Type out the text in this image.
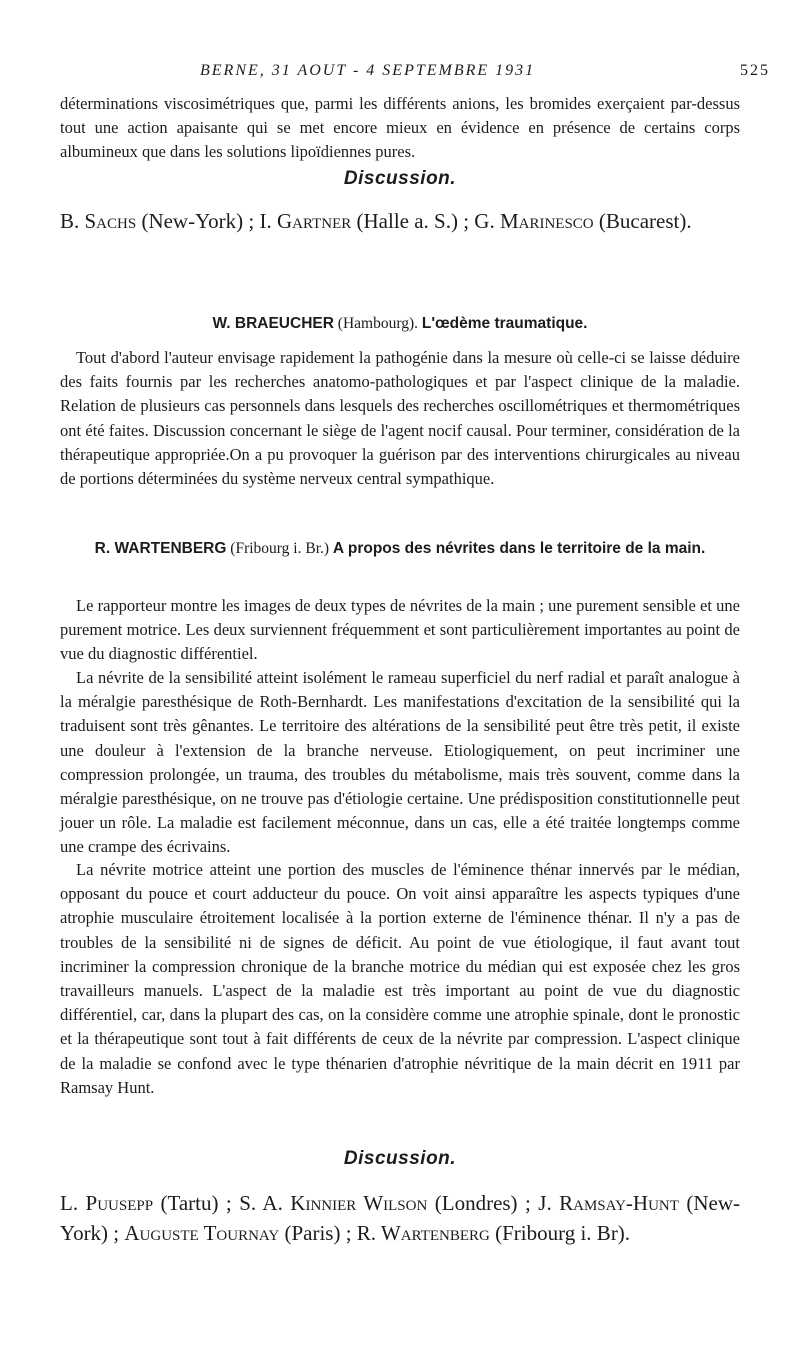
BERNE, 31 AOUT - 4 SEPTEMBRE 1931	525

déterminations viscosimétriques que, parmi les différents anions, les bromides exerçaient par-dessus tout une action apaisante qui se met encore mieux en évidence en présence de certains corps albumineux que dans les solutions lipoïdiennes pures.

Discussion.

B. Sachs (New-York) ; I. Gartner (Halle a. S.) ; G. Marinesco (Bucarest).

W. BRAEUCHER (Hambourg). L'œdème traumatique.

Tout d'abord l'auteur envisage rapidement la pathogénie dans la mesure où celle-ci se laisse déduire des faits fournis par les recherches anatomo-pathologiques et par l'aspect clinique de la maladie. Relation de plusieurs cas personnels dans lesquels des recherches oscillométriques et thermométriques ont été faites. Discussion concernant le siège de l'agent nocif causal. Pour terminer, considération de la thérapeutique appropriée.On a pu provoquer la guérison par des interventions chirurgicales au niveau de portions déterminées du système nerveux central sympathique.

R. WARTENBERG (Fribourg i. Br.) A propos des névrites dans le territoire de la main.

Le rapporteur montre les images de deux types de névrites de la main ; une purement sensible et une purement motrice. Les deux surviennent fréquemment et sont particulièrement importantes au point de vue du diagnostic différentiel.

La névrite de la sensibilité atteint isolément le rameau superficiel du nerf radial et paraît analogue à la méralgie paresthésique de Roth-Bernhardt. Les manifestations d'excitation de la sensibilité qui la traduisent sont très gênantes. Le territoire des altérations de la sensibilité peut être très petit, il existe une douleur à l'extension de la branche nerveuse. Etiologiquement, on peut incriminer une compression prolongée, un trauma, des troubles du métabolisme, mais très souvent, comme dans la méralgie paresthésique, on ne trouve pas d'étiologie certaine. Une prédisposition constitutionnelle peut jouer un rôle. La maladie est facilement méconnue, dans un cas, elle a été traitée longtemps comme une crampe des écrivains.

La névrite motrice atteint une portion des muscles de l'éminence thénar innervés par le médian, opposant du pouce et court adducteur du pouce. On voit ainsi apparaître les aspects typiques d'une atrophie musculaire étroitement localisée à la portion externe de l'éminence thénar. Il n'y a pas de troubles de la sensibilité ni de signes de déficit. Au point de vue étiologique, il faut avant tout incriminer la compression chronique de la branche motrice du médian qui est exposée chez les gros travailleurs manuels. L'aspect de la maladie est très important au point de vue du diagnostic différentiel, car, dans la plupart des cas, on la considère comme une atrophie spinale, dont le pronostic et la thérapeutique sont tout à fait différents de ceux de la névrite par compression. L'aspect clinique de la maladie se confond avec le type thénarien d'atrophie névritique de la main décrit en 1911 par Ramsay Hunt.

Discussion.

L. Puusepp (Tartu) ; S. A. Kinnier Wilson (Londres) ; J. Ramsay-Hunt (New-York) ; Auguste Tournay (Paris) ; R. Wartenberg (Fribourg i. Br).
